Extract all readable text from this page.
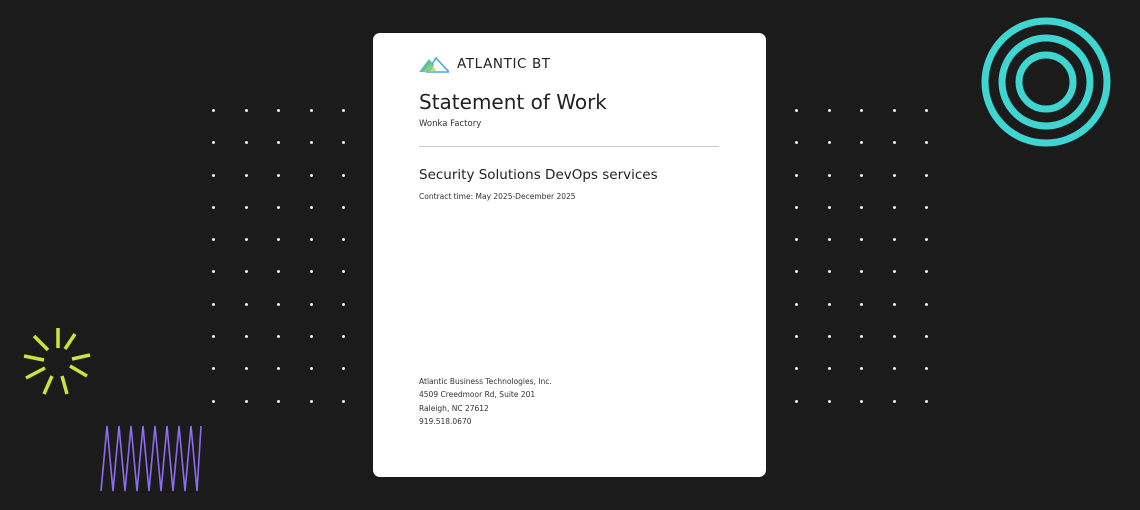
ATLANTIC BT
Statement of Work
Wonka Factory
Security Solutions DevOps services
Contract time: May 2025-December 2025
Atlantic Business Technologies, Inc.
4509 Creedmoor Rd, Suite 201
Raleigh, NC 27612
919.518.0670
